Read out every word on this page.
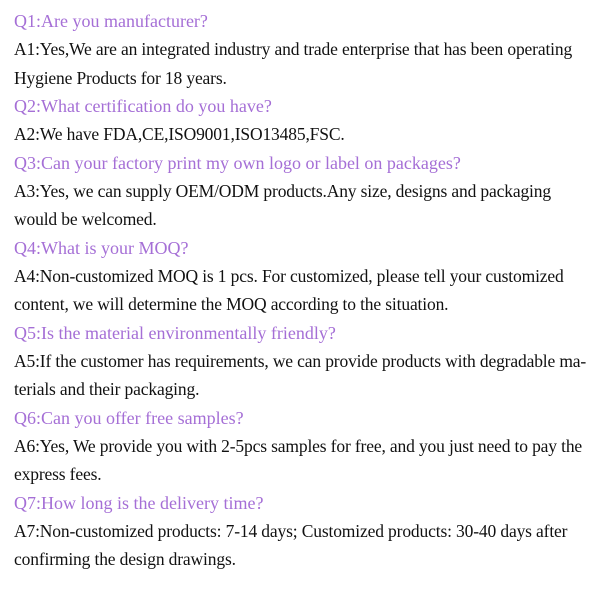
Q1:Are you manufacturer?
A1:Yes,We are an integrated industry and trade enterprise that has been operating
Hygiene Products for 18 years.
Q2:What certification do you have?
A2:We have FDA,CE,ISO9001,ISO13485,FSC.
Q3:Can your factory print my own logo or label on packages?
A3:Yes, we can supply OEM/ODM products.Any size, designs and packaging
would be welcomed.
Q4:What is your MOQ?
A4:Non-customized MOQ is 1 pcs. For customized, please tell your customized
content, we will determine the MOQ according to the situation.
Q5:Is the material environmentally friendly?
A5:If the customer has requirements, we can provide products with degradable ma-
terials and their packaging.
Q6:Can you offer free samples?
A6:Yes, We provide you with 2-5pcs samples for free, and you just need to pay the
express fees.
Q7:How long is the delivery time?
A7:Non-customized products: 7-14 days; Customized products: 30-40 days after
confirming the design drawings.
